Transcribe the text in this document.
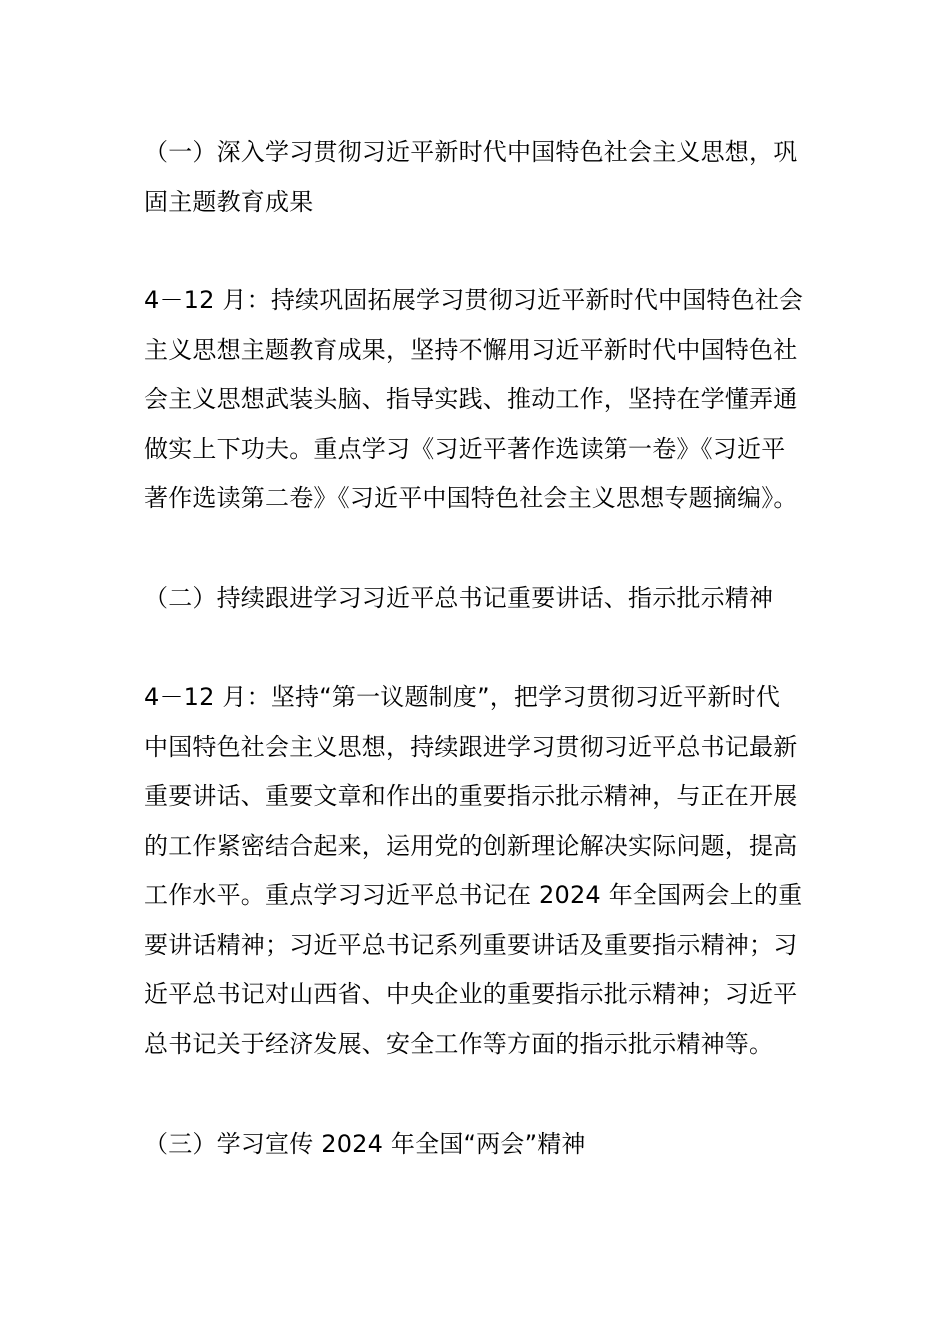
（一）深入学习贯彻习近平新时代中国特色社会主义思想，巩
固主题教育成果
4－12 月：持续巩固拓展学习贯彻习近平新时代中国特色社会
主义思想主题教育成果，坚持不懈用习近平新时代中国特色社
会主义思想武装头脑、指导实践、推动工作，坚持在学懂弄通
做实上下功夫。重点学习《习近平著作选读第一卷》《习近平
著作选读第二卷》《习近平中国特色社会主义思想专题摘编》。
（二）持续跟进学习习近平总书记重要讲话、指示批示精神
4－12 月：坚持“第一议题制度”，把学习贯彻习近平新时代
中国特色社会主义思想，持续跟进学习贯彻习近平总书记最新
重要讲话、重要文章和作出的重要指示批示精神，与正在开展
的工作紧密结合起来，运用党的创新理论解决实际问题，提高
工作水平。重点学习习近平总书记在 2024 年全国两会上的重
要讲话精神；习近平总书记系列重要讲话及重要指示精神；习
近平总书记对山西省、中央企业的重要指示批示精神；习近平
总书记关于经济发展、安全工作等方面的指示批示精神等。
（三）学习宣传 2024 年全国“两会”精神
